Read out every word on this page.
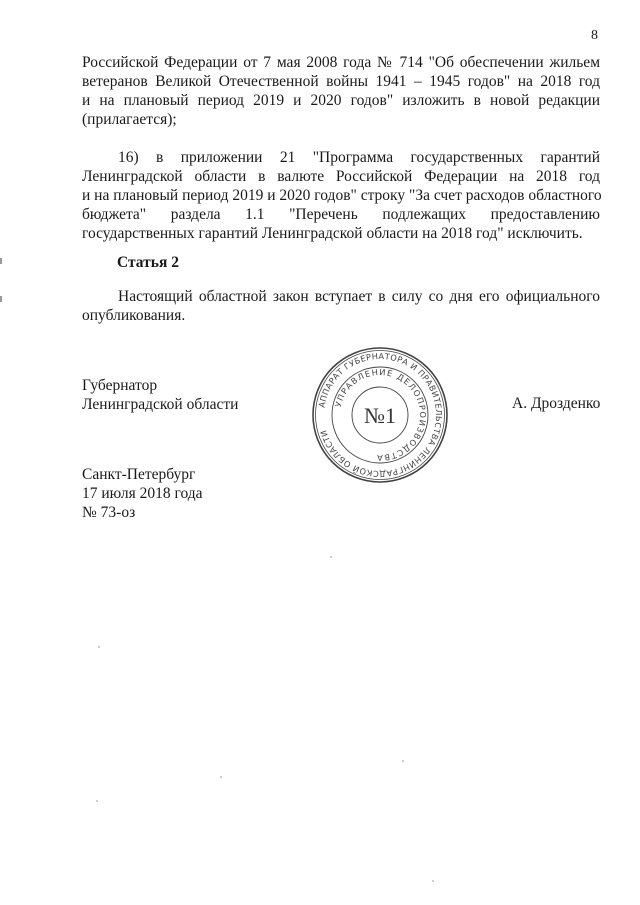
8
Российской Федерации от 7 мая 2008 года № 714 "Об обеспечении жильем
ветеранов Великой Отечественной войны 1941 – 1945 годов" на 2018 год
и на плановый период 2019 и 2020 годов" изложить в новой редакции
(прилагается);
16) в приложении 21 "Программа государственных гарантий
Ленинградской области в валюте Российской Федерации на 2018 год
и на плановый период 2019 и 2020 годов" строку "За счет расходов областного
бюджета" раздела 1.1 "Перечень подлежащих предоставлению
государственных гарантий Ленинградской области на 2018 год" исключить.
Статья 2
Настоящий областной закон вступает в силу со дня его официального
опубликования.
Губернатор
Ленинградской области	АППАРАТ ГУБЕРНАТОРА И ПРАВИТЕЛЬСТВА ЛЕНИНГРАДСКОЙ ОБЛАСТИ
УПРАВЛЕНИЕ ДЕЛОПРОИЗВОДСТВА
№1	А. Дрозденко
Санкт-Петербург
17 июля 2018 года
№ 73-оз
